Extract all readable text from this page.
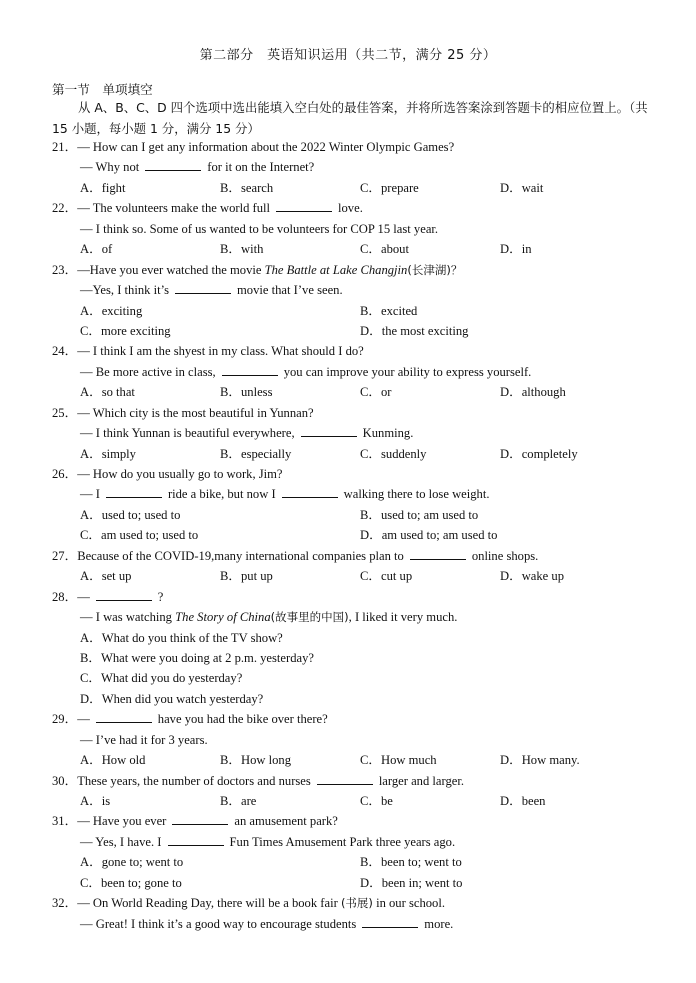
第二部分　英语知识运用（共二节，满分 25 分）
第一节　单项填空
从 A、B、C、D 四个选项中选出能填入空白处的最佳答案，并将所选答案涂到答题卡的相应位置上。（共 15 小题，每小题 1 分，满分 15 分）
21．— How can I get any information about the 2022 Winter Olympic Games?
— Why not	for it on the Internet?
A．fight	B．search	C．prepare	D．wait
22．— The volunteers make the world full	love.
— I think so. Some of us wanted to be volunteers for COP 15 last year.
A．of	B．with	C．about	D．in
23．—Have you ever watched the movie The Battle at Lake Changjin(长津湖)？
—Yes, I think it’s	movie that I’ve seen.
A．exciting	B．excited
C．more exciting	D．the most exciting
24．— I think I am the shyest in my class. What should I do?
— Be more active in class,	you can improve your ability to express yourself.
A．so that	B．unless	C．or	D．although
25．— Which city is the most beautiful in Yunnan?
— I think Yunnan is beautiful everywhere,	Kunming.
A．simply	B．especially	C．suddenly	D．completely
26．— How do you usually go to work, Jim?
— I	ride a bike, but now I	walking there to lose weight.
A．used to; used to	B．used to; am used to
C．am used to; used to	D．am used to; am used to
27．Because of the COVID-19,many international companies plan to	online shops.
A．set up	B．put up	C．cut up	D．wake up
28．—	?
— I was watching The Story of China(故事里的中国), I liked it very much.
A．What do you think of the TV show?
B．What were you doing at 2 p.m. yesterday?
C．What did you do yesterday?
D．When did you watch yesterday?
29．—	have you had the bike over there?
— I’ve had it for 3 years.
A．How old	B．How long	C．How much	D．How many.
30．These years, the number of doctors and nurses	larger and larger.
A．is	B．are	C．be	D．been
31．— Have you ever	an amusement park?
— Yes, I have. I	Fun Times Amusement Park three years ago.
A．gone to; went to	B．been to; went to
C．been to; gone to	D．been in; went to
32．— On World Reading Day, there will be a book fair (书展) in our school.
— Great! I think it’s a good way to encourage students	more.
